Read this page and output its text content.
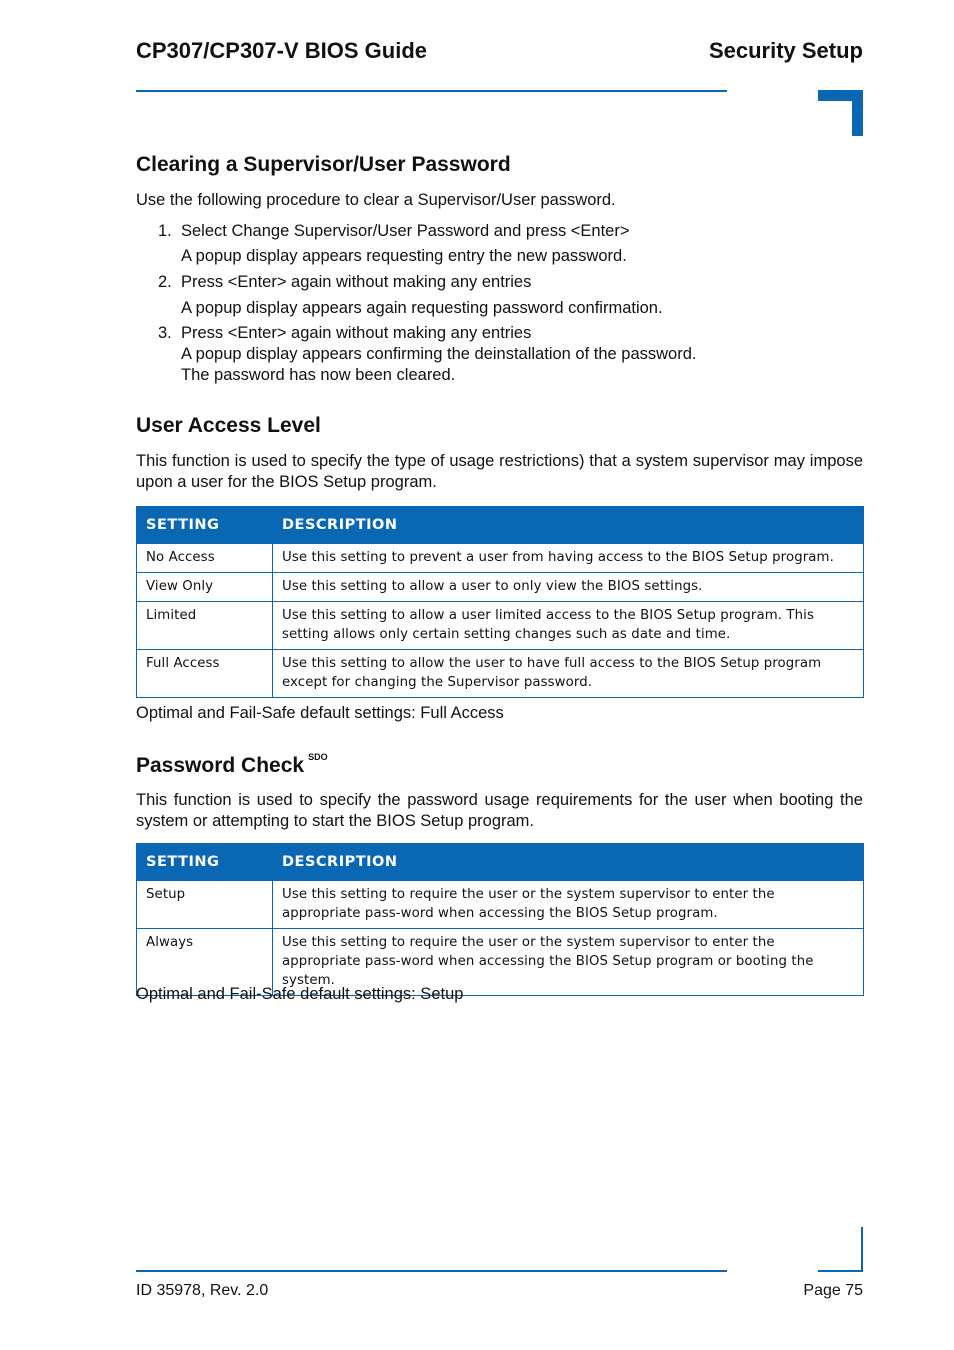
CP307/CP307-V BIOS Guide	Security Setup
Clearing a Supervisor/User Password

Use the following procedure to clear a Supervisor/User password.

1. Select Change Supervisor/User Password and press <Enter>
A popup display appears requesting entry the new password.
2. Press <Enter> again without making any entries
A popup display appears again requesting password confirmation.
3. Press <Enter> again without making any entries
A popup display appears confirming the deinstallation of the password.
The password has now been cleared.
User Access Level

This function is used to specify the type of usage restrictions) that a system supervisor may impose upon a user for the BIOS Setup program.

SETTING	DESCRIPTION
No Access	Use this setting to prevent a user from having access to the BIOS Setup program.
View Only	Use this setting to allow a user to only view the BIOS settings.
Limited	Use this setting to allow a user limited access to the BIOS Setup program. This setting allows only certain setting changes such as date and time.
Full Access	Use this setting to allow the user to have full access to the BIOS Setup program except for changing the Supervisor password.

Optimal and Fail-Safe default settings: Full Access

Password Check $^{SDO}$

This function is used to specify the password usage requirements for the user when booting the system or attempting to start the BIOS Setup program.

SETTING	DESCRIPTION
Setup	Use this setting to require the user or the system supervisor to enter the appropriate pass-word when accessing the BIOS Setup program.
Always	Use this setting to require the user or the system supervisor to enter the appropriate pass-word when accessing the BIOS Setup program or booting the system.

Optimal and Fail-Safe default settings: Setup

ID 35978, Rev. 2.0	Page 75
